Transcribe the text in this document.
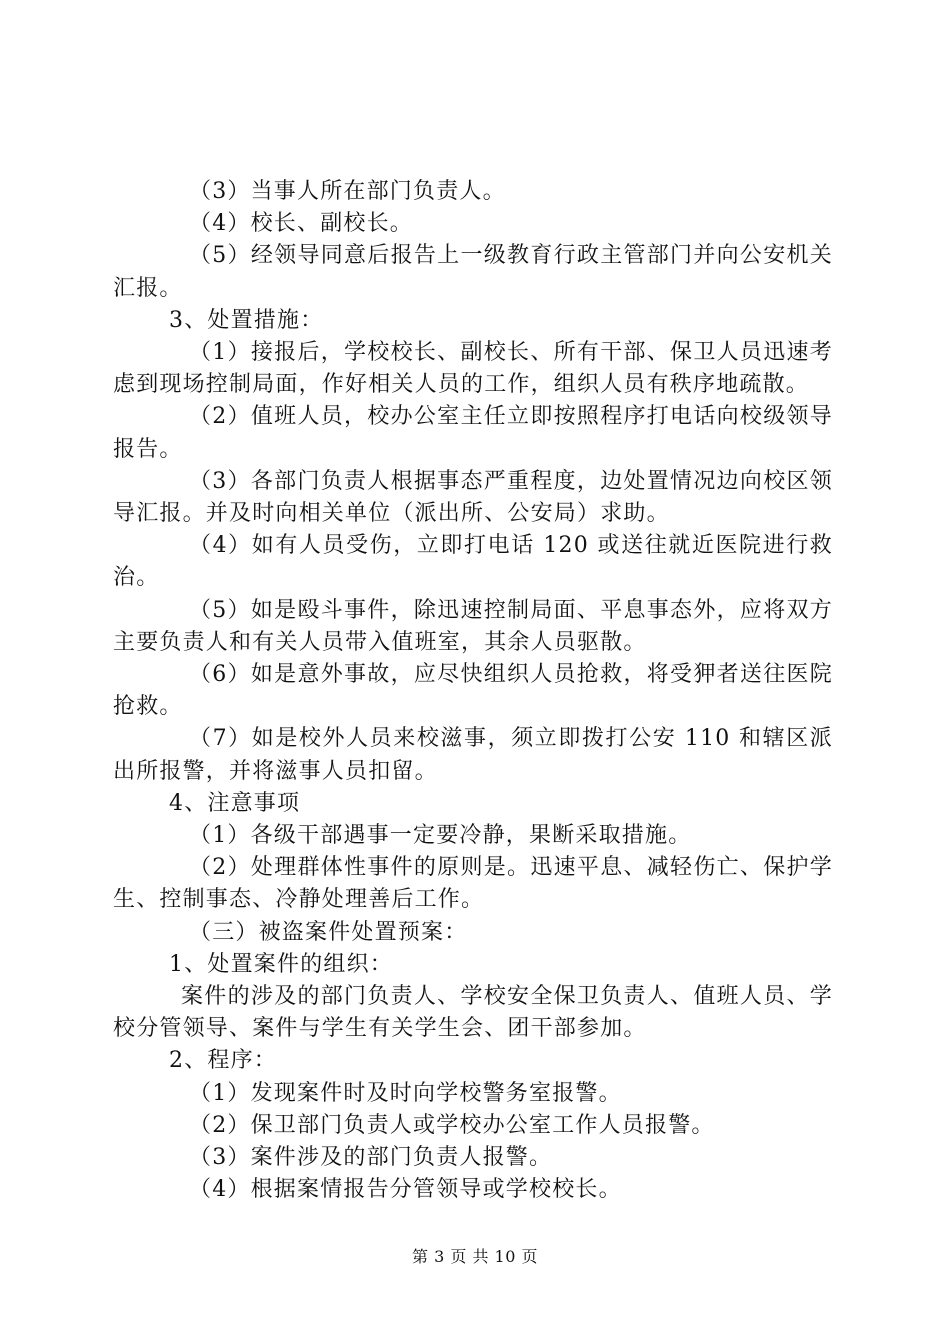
（3）当事人所在部门负责人。

（4）校长、副校长。

（5）经领导同意后报告上一级教育行政主管部门并向公安机关汇报。

3、处置措施：

（1）接报后，学校校长、副校长、所有干部、保卫人员迅速考虑到现场控制局面，作好相关人员的工作，组织人员有秩序地疏散。

（2）值班人员，校办公室主任立即按照程序打电话向校级领导报告。

（3）各部门负责人根据事态严重程度，边处置情况边向校区领导汇报。并及时向相关单位（派出所、公安局）求助。

（4）如有人员受伤，立即打电话 120 或送往就近医院进行救治。

（5）如是殴斗事件，除迅速控制局面、平息事态外，应将双方主要负责人和有关人员带入值班室，其余人员驱散。

（6）如是意外事故，应尽快组织人员抢救，将受狎者送往医院抢救。

（7）如是校外人员来校滋事，须立即拨打公安 110 和辖区派出所报警，并将滋事人员扣留。

4、注意事项

（1）各级干部遇事一定要冷静，果断采取措施。

（2）处理群体性事件的原则是。迅速平息、减轻伤亡、保护学生、控制事态、冷静处理善后工作。

（三）被盗案件处置预案：

1、处置案件的组织：

案件的涉及的部门负责人、学校安全保卫负责人、值班人员、学校分管领导、案件与学生有关学生会、团干部参加。

2、程序：

（1）发现案件时及时向学校警务室报警。

（2）保卫部门负责人或学校办公室工作人员报警。

（3）案件涉及的部门负责人报警。

（4）根据案情报告分管领导或学校校长。

第 3 页 共 10 页
